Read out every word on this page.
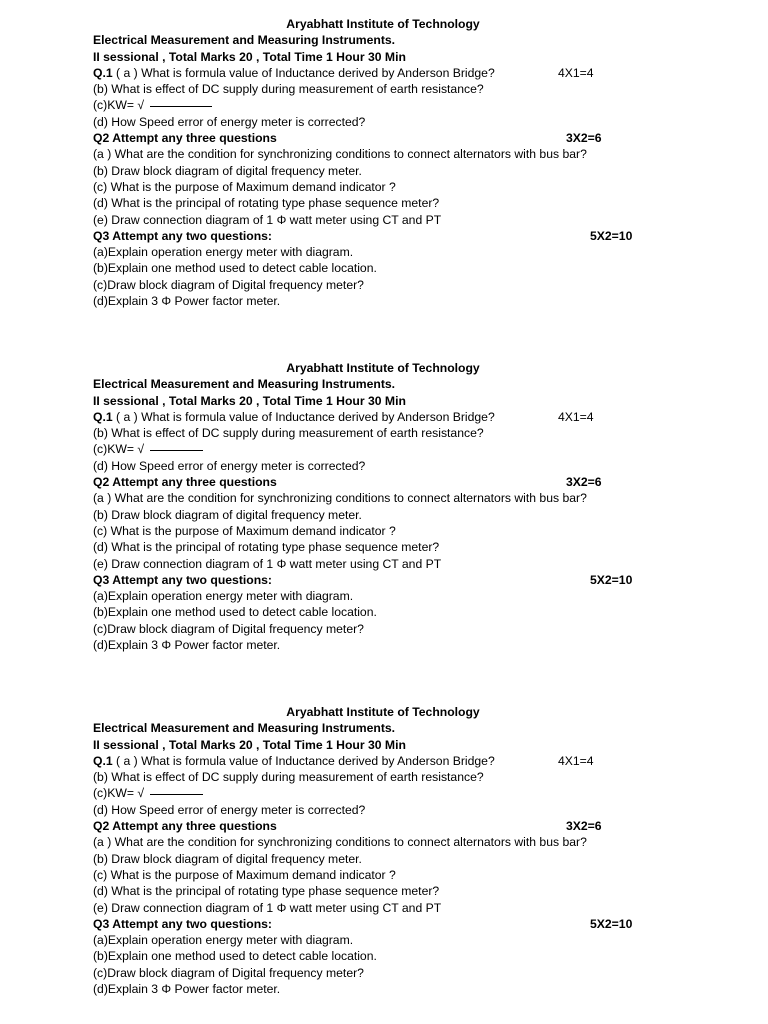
Aryabhatt Institute of Technology
Electrical Measurement and Measuring Instruments.
II sessional , Total Marks 20 , Total Time 1 Hour 30 Min
Q.1 ( a ) What is formula value of Inductance derived by Anderson Bridge?	4X1=4
(b) What is effect of DC supply during measurement of earth resistance?
(c)KW= √
(d) How Speed error of energy meter is corrected?
Q2 Attempt any three questions	3X2=6
(a ) What are the condition for synchronizing conditions to connect alternators with bus bar?
(b) Draw block diagram of digital frequency meter.
(c) What is the purpose of Maximum demand indicator ?
(d) What is the principal of rotating type phase sequence meter?
(e) Draw connection diagram of 1 Φ watt meter using CT and PT
Q3 Attempt any two questions:	5X2=10
(a)Explain operation energy meter with diagram.
(b)Explain one method used to detect cable location.
(c)Draw block diagram of Digital frequency meter?
(d)Explain 3 Φ Power factor meter.
Aryabhatt Institute of Technology
Electrical Measurement and Measuring Instruments.
II sessional , Total Marks 20 , Total Time 1 Hour 30 Min
Q.1 ( a ) What is formula value of Inductance derived by Anderson Bridge?	4X1=4
(b) What is effect of DC supply during measurement of earth resistance?
(c)KW= √
(d) How Speed error of energy meter is corrected?
Q2 Attempt any three questions	3X2=6
(a ) What are the condition for synchronizing conditions to connect alternators with bus bar?
(b) Draw block diagram of digital frequency meter.
(c) What is the purpose of Maximum demand indicator ?
(d) What is the principal of rotating type phase sequence meter?
(e) Draw connection diagram of 1 Φ watt meter using CT and PT
Q3 Attempt any two questions:	5X2=10
(a)Explain operation energy meter with diagram.
(b)Explain one method used to detect cable location.
(c)Draw block diagram of Digital frequency meter?
(d)Explain 3 Φ Power factor meter.
Aryabhatt Institute of Technology
Electrical Measurement and Measuring Instruments.
II sessional , Total Marks 20 , Total Time 1 Hour 30 Min
Q.1 ( a ) What is formula value of Inductance derived by Anderson Bridge?	4X1=4
(b) What is effect of DC supply during measurement of earth resistance?
(c)KW= √
(d) How Speed error of energy meter is corrected?
Q2 Attempt any three questions	3X2=6
(a ) What are the condition for synchronizing conditions to connect alternators with bus bar?
(b) Draw block diagram of digital frequency meter.
(c) What is the purpose of Maximum demand indicator ?
(d) What is the principal of rotating type phase sequence meter?
(e) Draw connection diagram of 1 Φ watt meter using CT and PT
Q3 Attempt any two questions:	5X2=10
(a)Explain operation energy meter with diagram.
(b)Explain one method used to detect cable location.
(c)Draw block diagram of Digital frequency meter?
(d)Explain 3 Φ Power factor meter.
